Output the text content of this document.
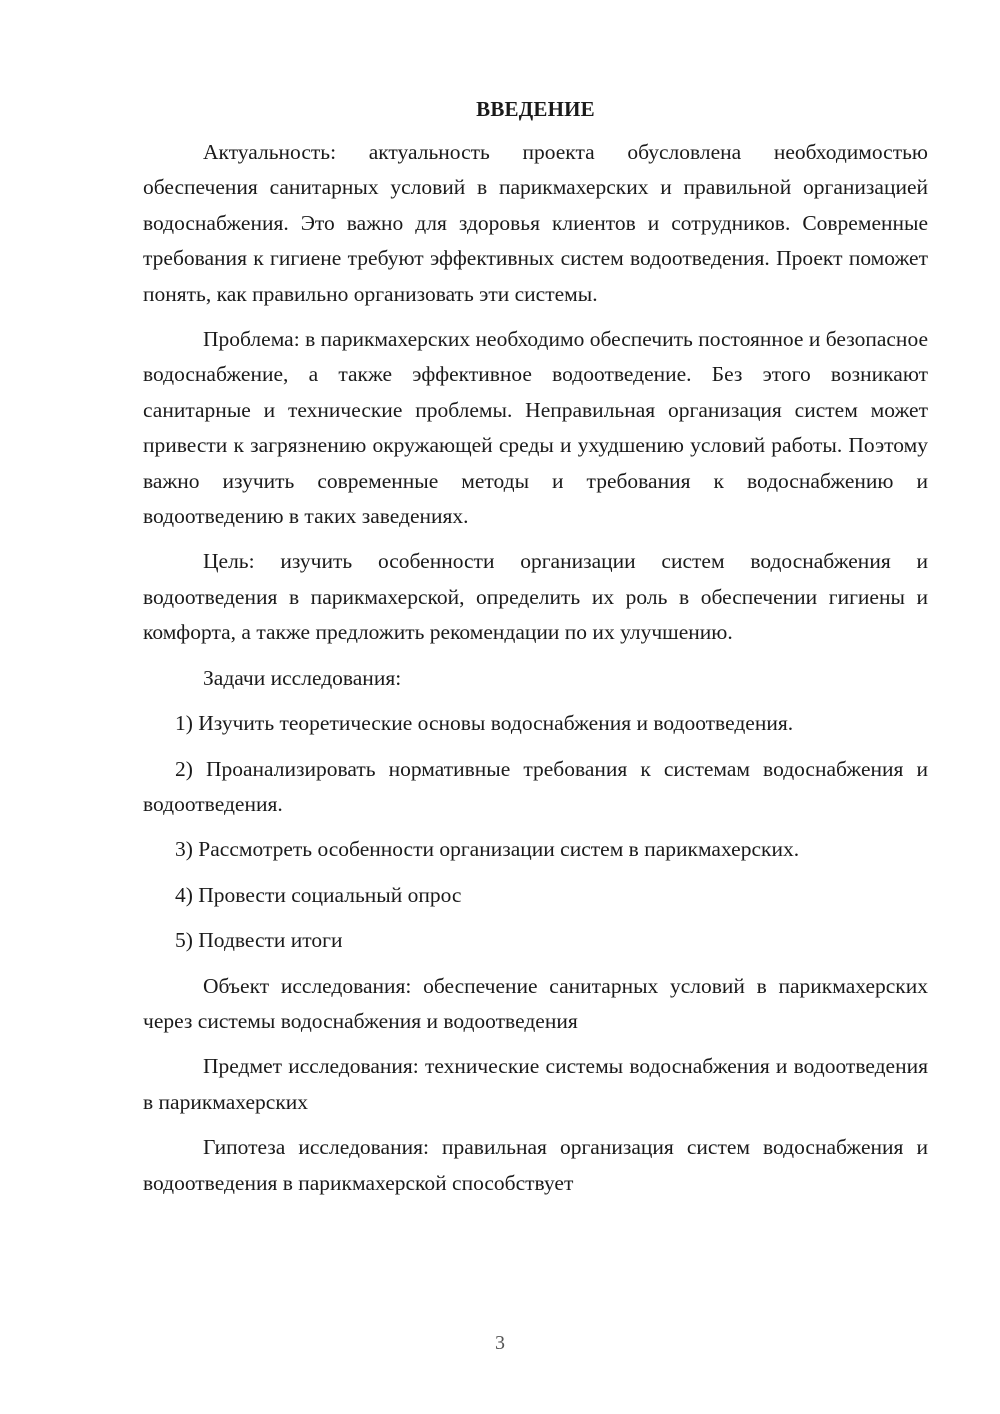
ВВЕДЕНИЕ

Актуальность: актуальность проекта обусловлена необходимостью обеспечения санитарных условий в парикмахерских и правильной организацией водоснабжения. Это важно для здоровья клиентов и сотрудников. Современные требования к гигиене требуют эффективных систем водоотведения. Проект поможет понять, как правильно организовать эти системы.

Проблема: в парикмахерских необходимо обеспечить постоянное и безопасное водоснабжение, а также эффективное водоотведение. Без этого возникают санитарные и технические проблемы. Неправильная организация систем может привести к загрязнению окружающей среды и ухудшению условий работы. Поэтому важно изучить современные методы и требования к водоснабжению и водоотведению в таких заведениях.

Цель: изучить особенности организации систем водоснабжения и водоотведения в парикмахерской, определить их роль в обеспечении гигиены и комфорта, а также предложить рекомендации по их улучшению.

Задачи исследования:

1) Изучить теоретические основы водоснабжения и водоотведения.

2) Проанализировать нормативные требования к системам водоснабжения и водоотведения.

3) Рассмотреть особенности организации систем в парикмахерских.

4) Провести социальный опрос

5) Подвести итоги

Объект исследования: обеспечение санитарных условий в парикмахерских через системы водоснабжения и водоотведения

Предмет исследования: технические системы водоснабжения и водоотведения в парикмахерских

Гипотеза исследования: правильная организация систем водоснабжения и водоотведения в парикмахерской способствует

3
